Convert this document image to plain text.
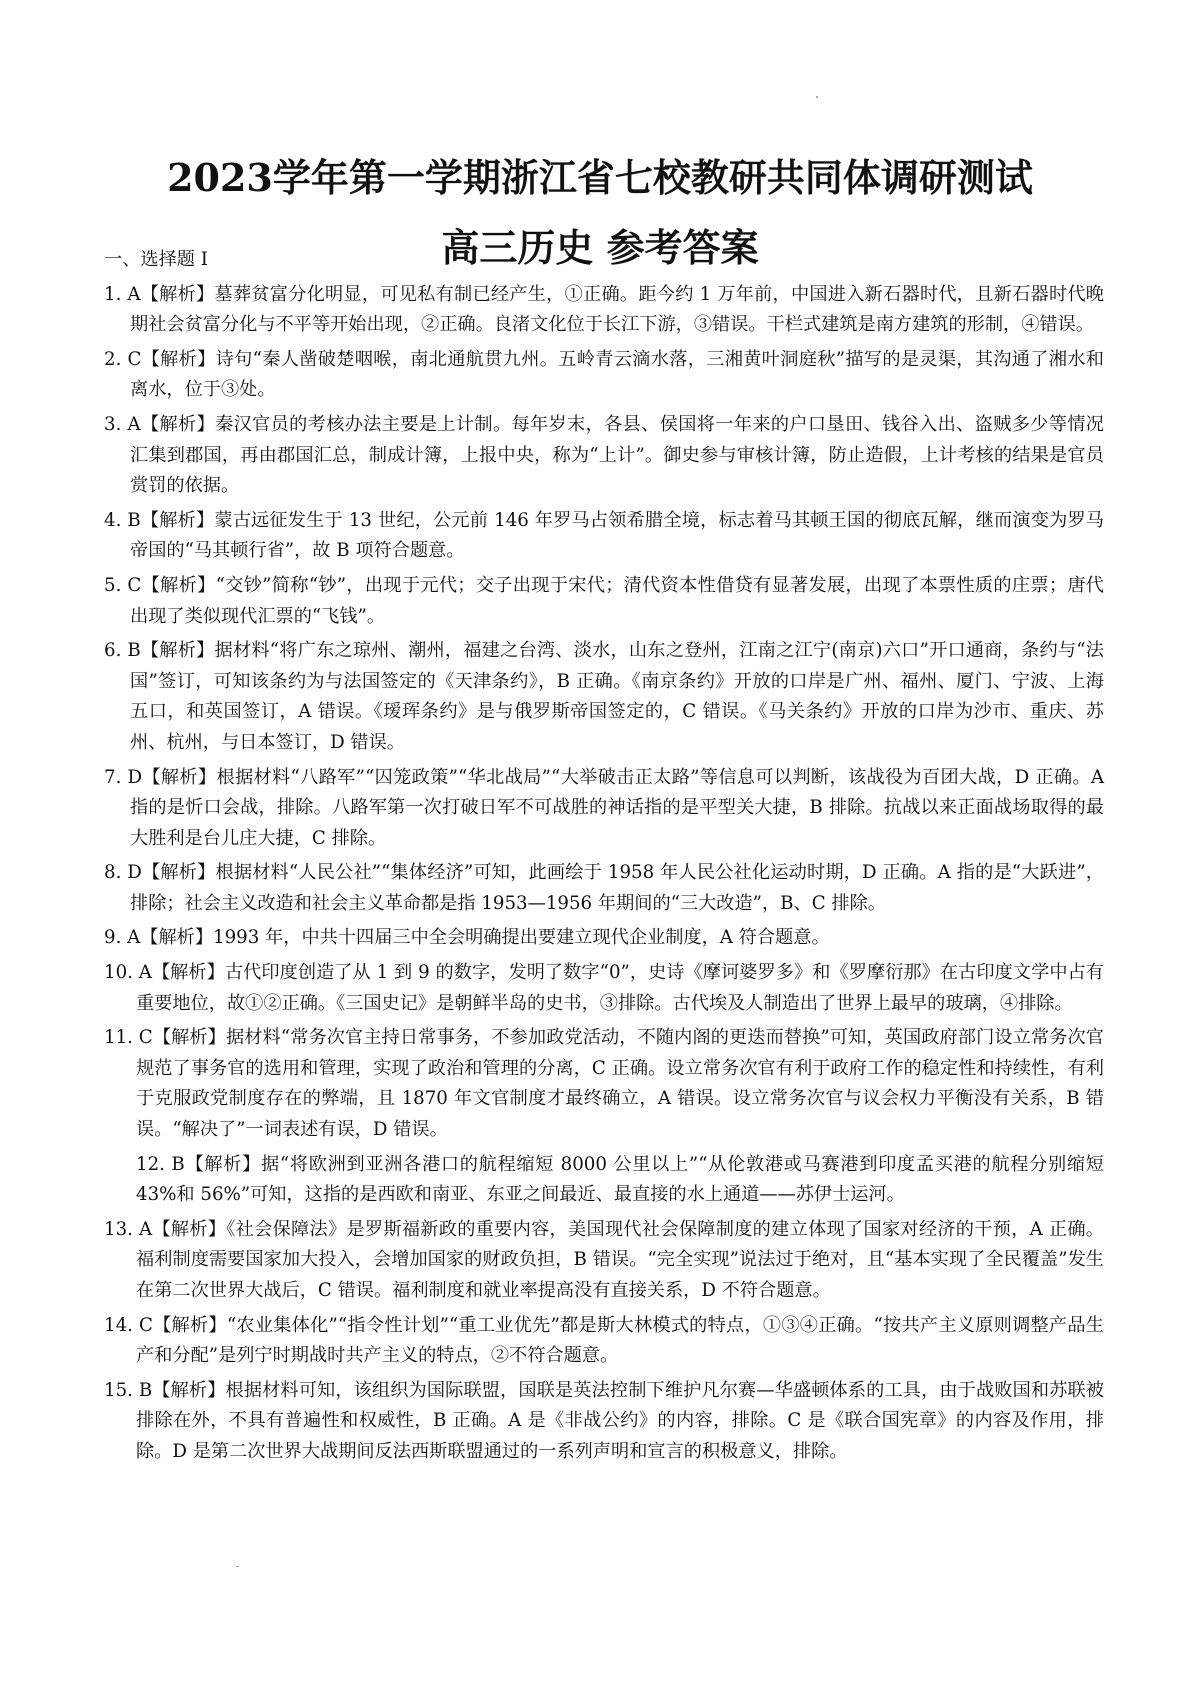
2023学年第一学期浙江省七校教研共同体调研测试
高三历史 参考答案

一、选择题 I

1. A【解析】墓葬贫富分化明显，可见私有制已经产生，①正确。距今约 1 万年前，中国进入新石器时代，且新石器时代晚期社会贫富分化与不平等开始出现，②正确。良渚文化位于长江下游，③错误。干栏式建筑是南方建筑的形制，④错误。

2. C【解析】诗句“秦人凿破楚咽喉，南北通航贯九州。五岭青云滴水落，三湘黄叶洞庭秋”描写的是灵渠，其沟通了湘水和离水，位于③处。

3. A【解析】秦汉官员的考核办法主要是上计制。每年岁末，各县、侯国将一年来的户口垦田、钱谷入出、盗贼多少等情况汇集到郡国，再由郡国汇总，制成计簿，上报中央，称为“上计”。御史参与审核计簿，防止造假，上计考核的结果是官员赏罚的依据。

4. B【解析】蒙古远征发生于 13 世纪，公元前 146 年罗马占领希腊全境，标志着马其顿王国的彻底瓦解，继而演变为罗马帝国的“马其顿行省”，故 B 项符合题意。

5. C【解析】“交钞”简称“钞”，出现于元代；交子出现于宋代；清代资本性借贷有显著发展，出现了本票性质的庄票；唐代出现了类似现代汇票的“飞钱”。

6. B【解析】据材料“将广东之琼州、潮州，福建之台湾、淡水，山东之登州，江南之江宁(南京)六口”开口通商，条约与“法国”签订，可知该条约为与法国签定的《天津条约》，B 正确。《南京条约》开放的口岸是广州、福州、厦门、宁波、上海五口，和英国签订，A 错误。《瑷珲条约》是与俄罗斯帝国签定的，C 错误。《马关条约》开放的口岸为沙市、重庆、苏州、杭州，与日本签订，D 错误。

7. D【解析】根据材料“八路军”“囚笼政策”“华北战局”“大举破击正太路”等信息可以判断，该战役为百团大战，D 正确。A 指的是忻口会战，排除。八路军第一次打破日军不可战胜的神话指的是平型关大捷，B 排除。抗战以来正面战场取得的最大胜利是台儿庄大捷，C 排除。

8. D【解析】根据材料“人民公社”“集体经济”可知，此画绘于 1958 年人民公社化运动时期，D 正确。A 指的是“大跃进”，排除；社会主义改造和社会主义革命都是指 1953—1956 年期间的“三大改造”，B、C 排除。

9. A【解析】1993 年，中共十四届三中全会明确提出要建立现代企业制度，A 符合题意。

10. A【解析】古代印度创造了从 1 到 9 的数字，发明了数字“0”，史诗《摩诃婆罗多》和《罗摩衍那》在古印度文学中占有重要地位，故①②正确。《三国史记》是朝鲜半岛的史书，③排除。古代埃及人制造出了世界上最早的玻璃，④排除。

11. C【解析】据材料“常务次官主持日常事务，不参加政党活动，不随内阁的更迭而替换”可知，英国政府部门设立常务次官规范了事务官的选用和管理，实现了政治和管理的分离，C 正确。设立常务次官有利于政府工作的稳定性和持续性，有利于克服政党制度存在的弊端，且 1870 年文官制度才最终确立，A 错误。设立常务次官与议会权力平衡没有关系，B 错误。“解决了”一词表述有误，D 错误。

12. B【解析】据“将欧洲到亚洲各港口的航程缩短 8000 公里以上”“从伦敦港或马赛港到印度孟买港的航程分别缩短 43%和 56%”可知，这指的是西欧和南亚、东亚之间最近、最直接的水上通道——苏伊士运河。

13. A【解析】《社会保障法》是罗斯福新政的重要内容，美国现代社会保障制度的建立体现了国家对经济的干预，A 正确。福利制度需要国家加大投入，会增加国家的财政负担，B 错误。“完全实现”说法过于绝对，且“基本实现了全民覆盖”发生在第二次世界大战后，C 错误。福利制度和就业率提高没有直接关系，D 不符合题意。

14. C【解析】“农业集体化”“指令性计划”“重工业优先”都是斯大林模式的特点，①③④正确。“按共产主义原则调整产品生产和分配”是列宁时期战时共产主义的特点，②不符合题意。

15. B【解析】根据材料可知，该组织为国际联盟，国联是英法控制下维护凡尔赛—华盛顿体系的工具，由于战败国和苏联被排除在外，不具有普遍性和权威性，B 正确。A 是《非战公约》的内容，排除。C 是《联合国宪章》的内容及作用，排除。D 是第二次世界大战期间反法西斯联盟通过的一系列声明和宣言的积极意义，排除。
